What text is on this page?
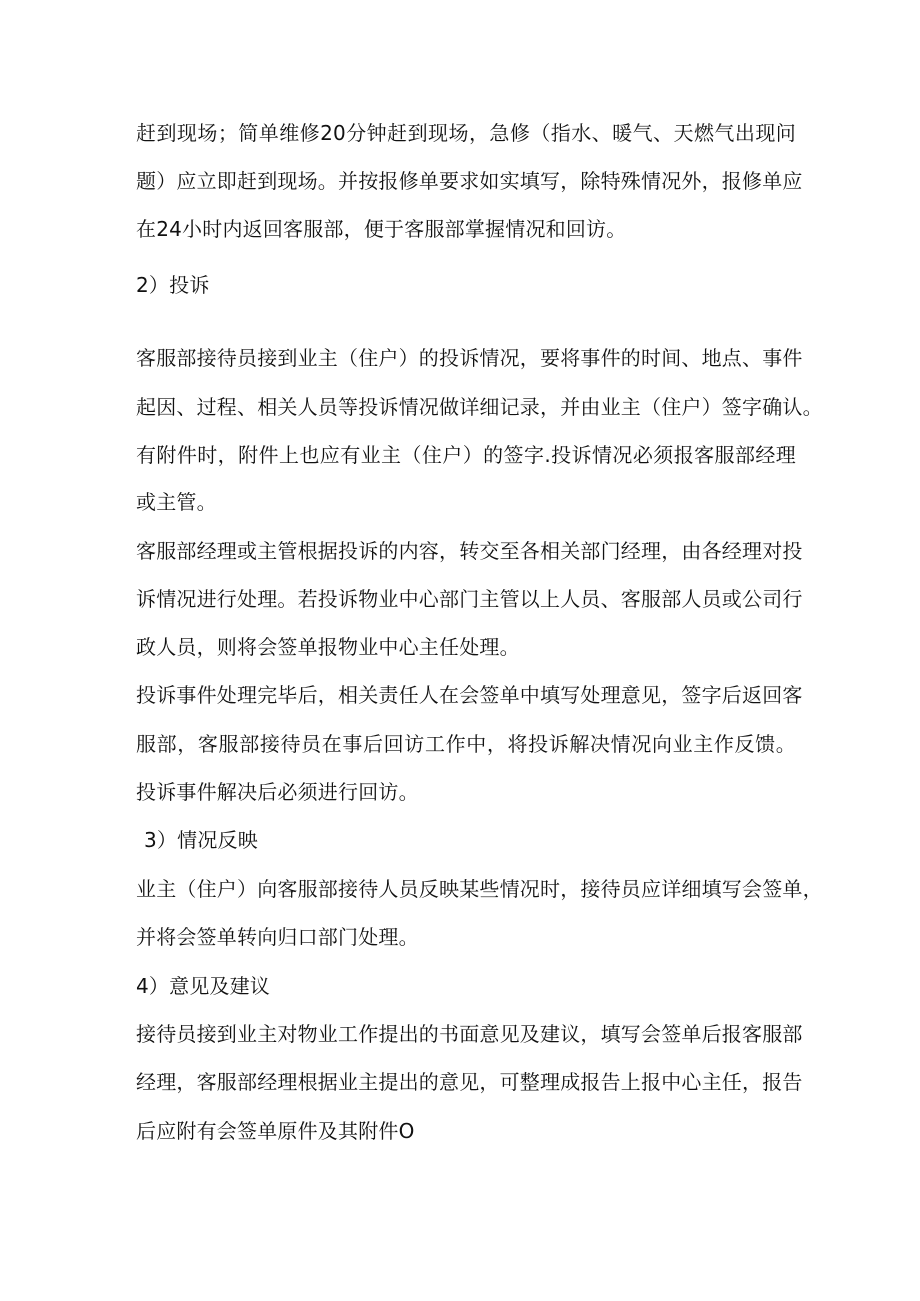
赶到现场；简单维修20分钟赶到现场，急修（指水、暖气、天燃气出现问
题）应立即赶到现场。并按报修单要求如实填写，除特殊情况外，报修单应
在24小时内返回客服部，便于客服部掌握情况和回访。
2）投诉
客服部接待员接到业主（住户）的投诉情况，要将事件的时间、地点、事件
起因、过程、相关人员等投诉情况做详细记录，并由业主（住户）签字确认。
有附件时，附件上也应有业主（住户）的签字.投诉情况必须报客服部经理
或主管。
客服部经理或主管根据投诉的内容，转交至各相关部门经理，由各经理对投
诉情况进行处理。若投诉物业中心部门主管以上人员、客服部人员或公司行
政人员，则将会签单报物业中心主任处理。
投诉事件处理完毕后，相关责任人在会签单中填写处理意见，签字后返回客
服部，客服部接待员在事后回访工作中，将投诉解决情况向业主作反馈。
投诉事件解决后必须进行回访。
3）情况反映
业主（住户）向客服部接待人员反映某些情况时，接待员应详细填写会签单，
并将会签单转向归口部门处理。
4）意见及建议
接待员接到业主对物业工作提出的书面意见及建议，填写会签单后报客服部
经理，客服部经理根据业主提出的意见，可整理成报告上报中心主任，报告
后应附有会签单原件及其附件O
